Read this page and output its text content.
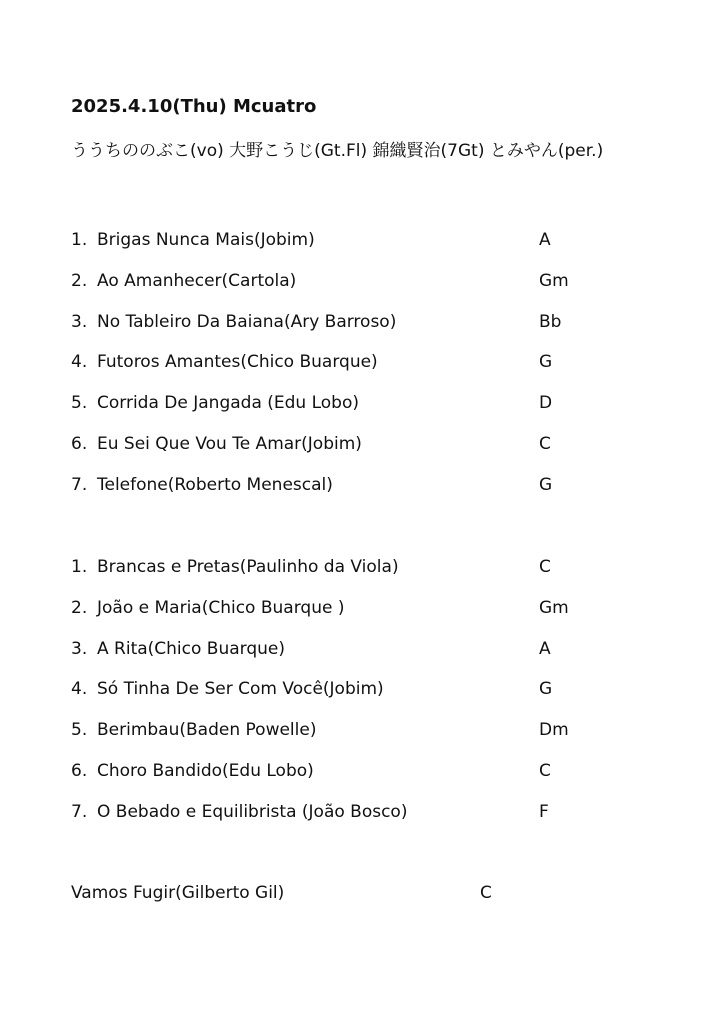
2025.4.10(Thu) Mcuatro
ううちののぶこ(vo) 大野こうじ(Gt.Fl) 錦織賢治(7Gt) とみやん(per.)
1. Brigas Nunca Mais(Jobim)	A
2. Ao Amanhecer(Cartola)	Gm
3. No Tableiro Da Baiana(Ary Barroso)	Bb
4. Futoros Amantes(Chico Buarque)	G
5. Corrida De Jangada (Edu Lobo)	D
6. Eu Sei Que Vou Te Amar(Jobim)	C
7. Telefone(Roberto Menescal)	G
1. Brancas e Pretas(Paulinho da Viola)	C
2. João e Maria(Chico Buarque )	Gm
3. A Rita(Chico Buarque)	A
4. Só Tinha De Ser Com Você(Jobim)	G
5. Berimbau(Baden Powelle)	Dm
6. Choro Bandido(Edu Lobo)	C
7. O Bebado e Equilibrista (João Bosco)	F
Vamos Fugir(Gilberto Gil)	C
